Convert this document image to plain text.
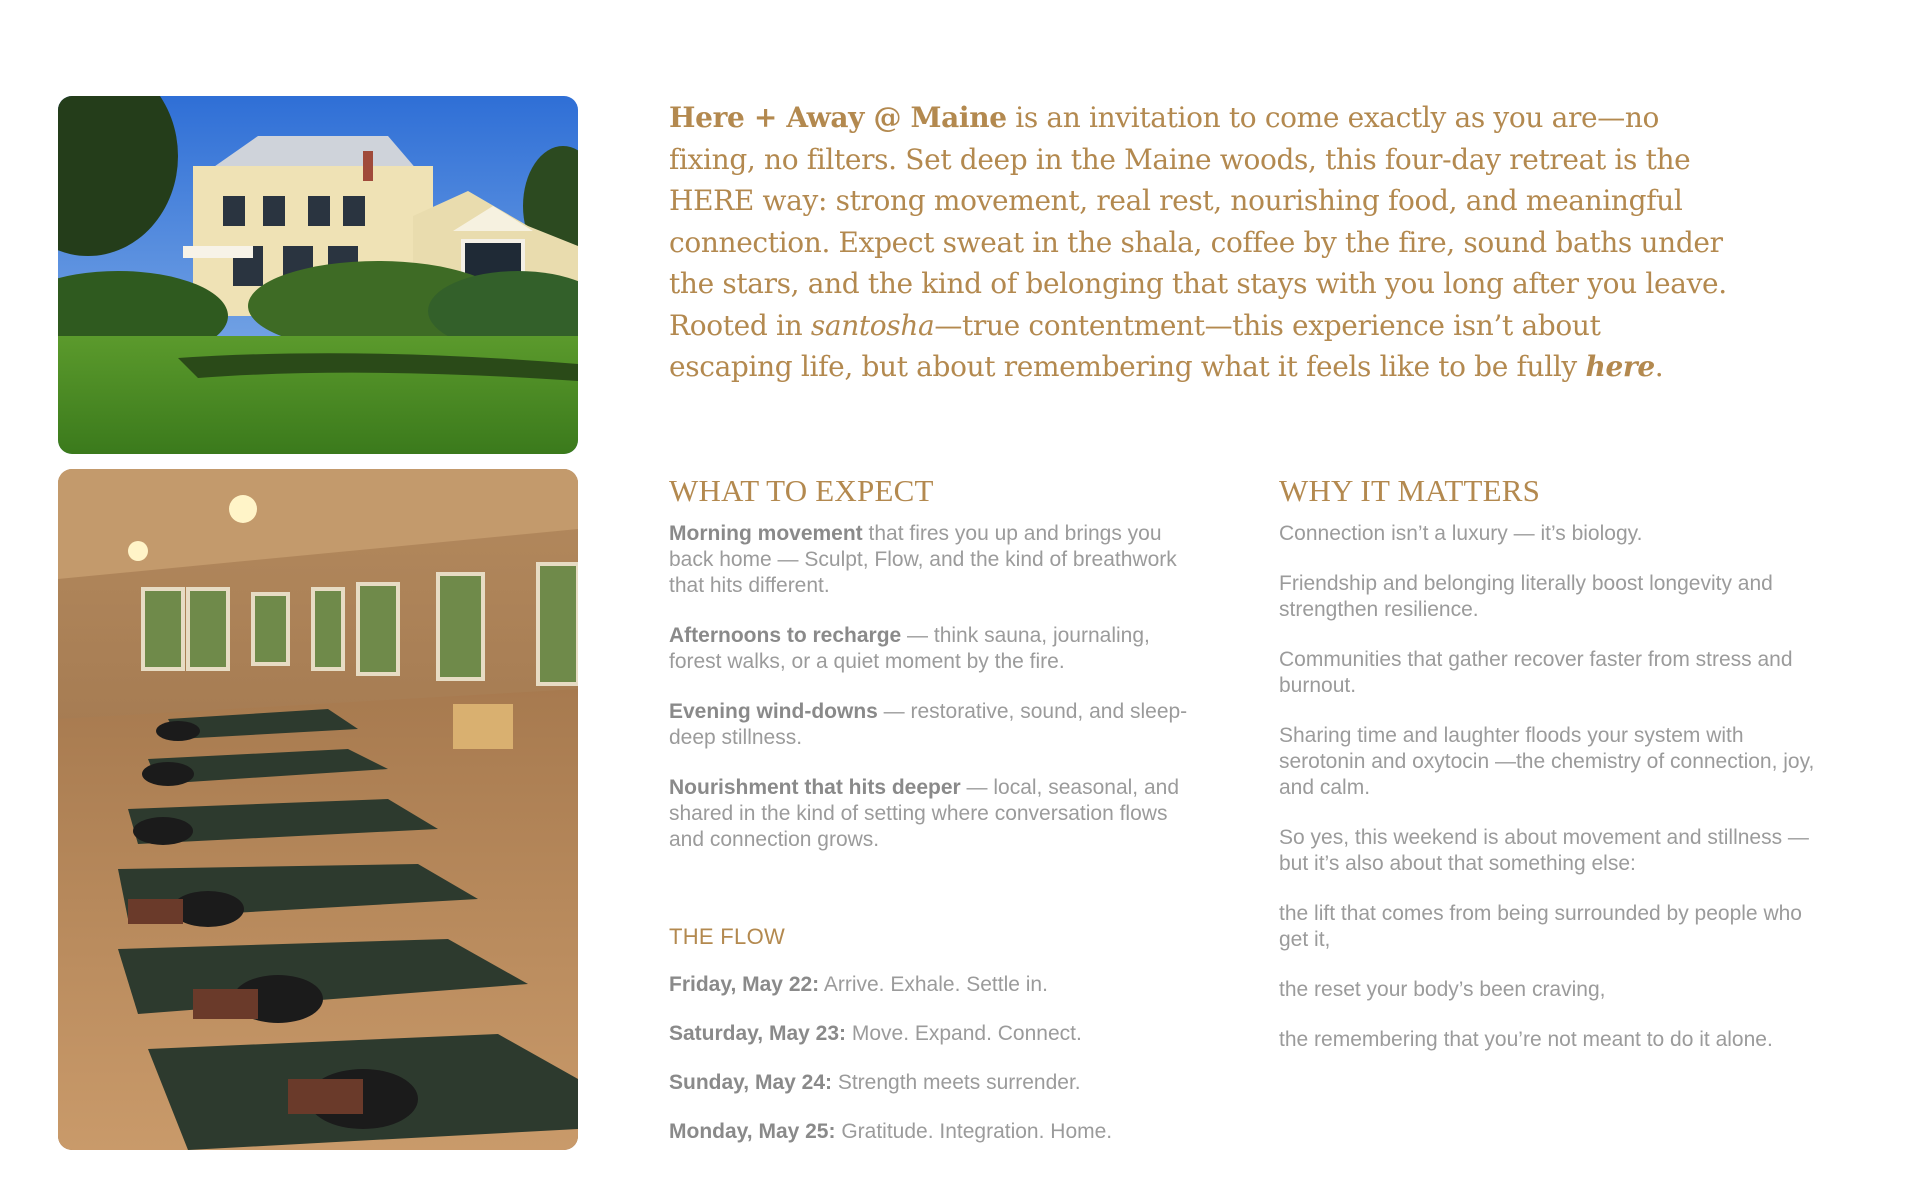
Here + Away @ Maine is an invitation to come exactly as you are—no fixing, no filters. Set deep in the Maine woods, this four-day retreat is the HERE way: strong movement, real rest, nourishing food, and meaningful connection. Expect sweat in the shala, coffee by the fire, sound baths under the stars, and the kind of belonging that stays with you long after you leave. Rooted in santosha—true contentment—this experience isn’t about escaping life, but about remembering what it feels like to be fully here.
WHAT TO EXPECT

Morning movement that fires you up and brings you back home — Sculpt, Flow, and the kind of breathwork that hits different.

Afternoons to recharge — think sauna, journaling, forest walks, or a quiet moment by the fire.

Evening wind-downs — restorative, sound, and sleep-deep stillness.

Nourishment that hits deeper — local, seasonal, and shared in the kind of setting where conversation flows and connection grows.

THE FLOW
Friday, May 22: Arrive. Exhale. Settle in.
Saturday, May 23: Move. Expand. Connect.
Sunday, May 24: Strength meets surrender.
Monday, May 25: Gratitude. Integration. Home.
WHY IT MATTERS

Connection isn’t a luxury — it’s biology.

Friendship and belonging literally boost longevity and strengthen resilience.

Communities that gather recover faster from stress and burnout.

Sharing time and laughter floods your system with serotonin and oxytocin —the chemistry of connection, joy, and calm.

So yes, this weekend is about movement and stillness — but it’s also about that something else:

the lift that comes from being surrounded by people who get it,

the reset your body’s been craving,

the remembering that you’re not meant to do it alone.
